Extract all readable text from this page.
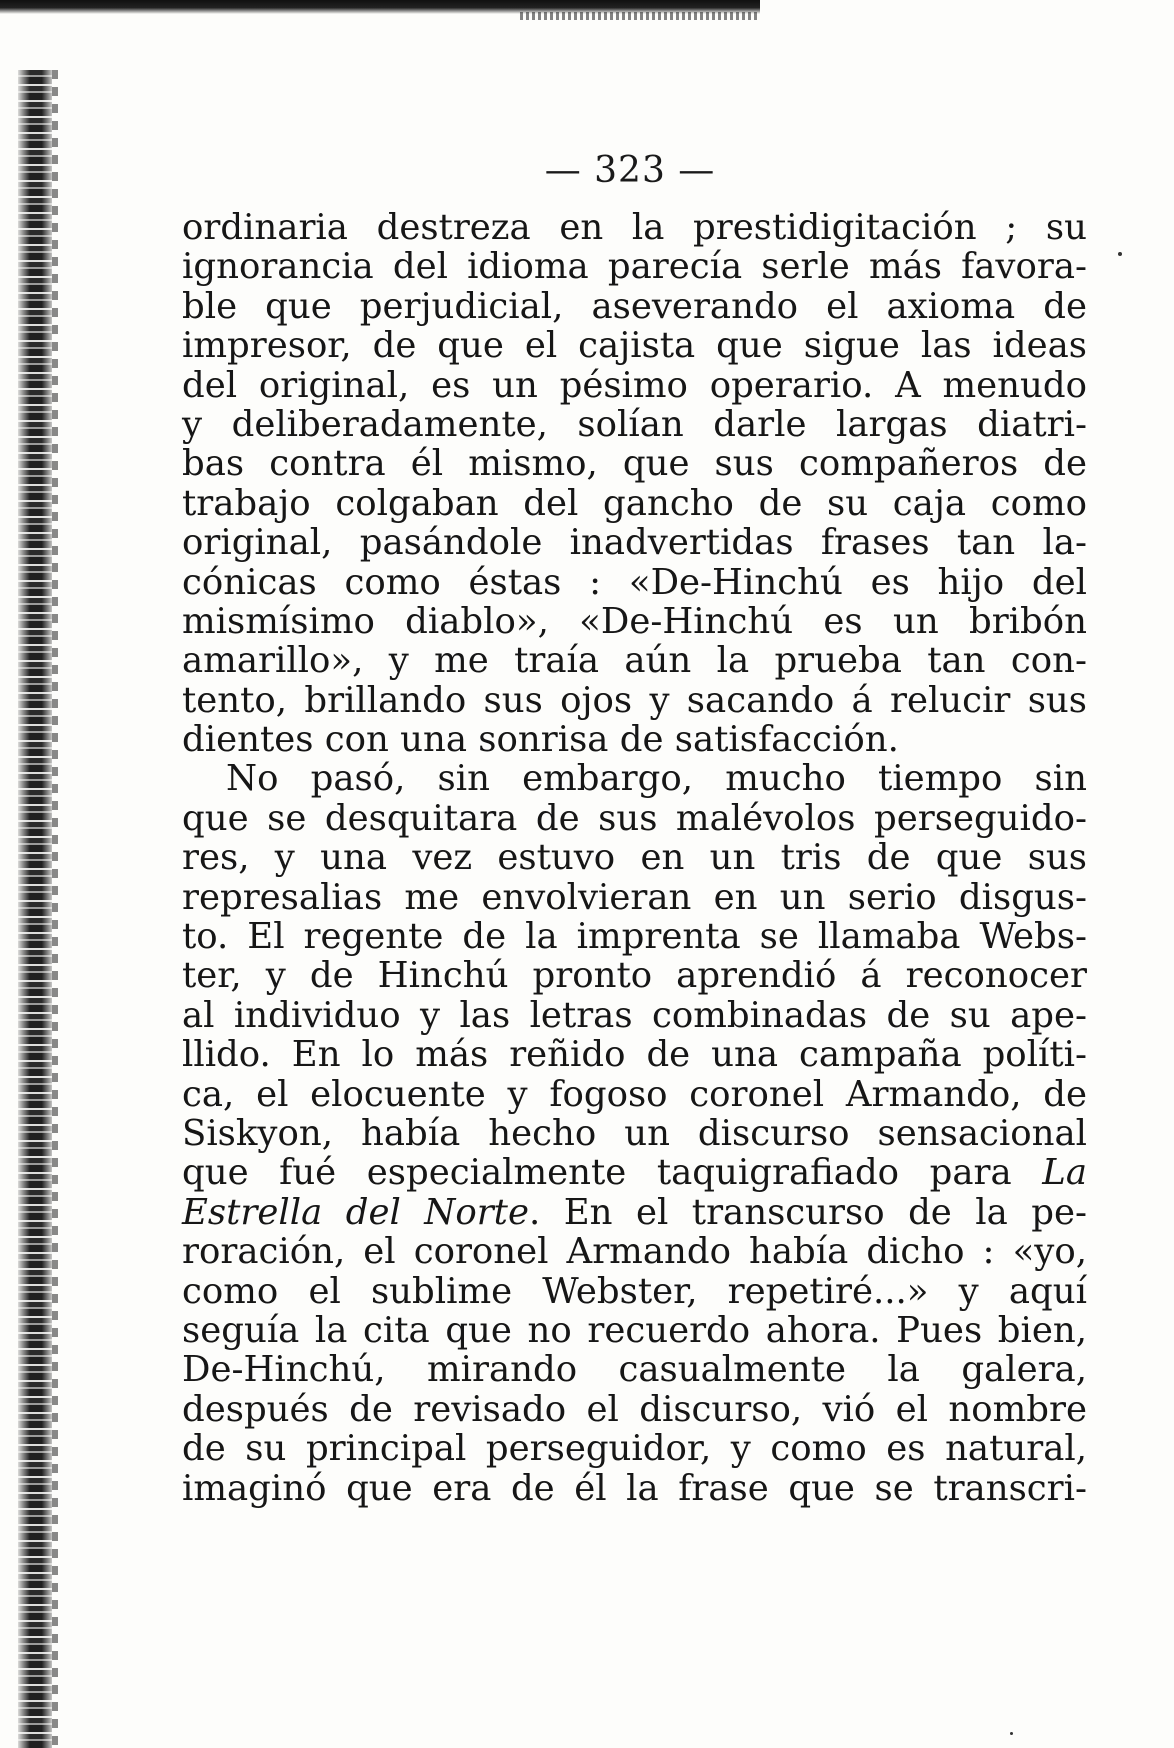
— 323 —
ordinaria destreza en la prestidigitación ; su
ignorancia del idioma parecía serle más favora-
ble que perjudicial, aseverando el axioma de
impresor, de que el cajista que sigue las ideas
del original, es un pésimo operario. A menudo
y deliberadamente, solían darle largas diatri-
bas contra él mismo, que sus compañeros de
trabajo colgaban del gancho de su caja como
original, pasándole inadvertidas frases tan la-
cónicas como éstas : «De-Hinchú es hijo del
mismísimo diablo», «De-Hinchú es un bribón
amarillo», y me traía aún la prueba tan con-
tento, brillando sus ojos y sacando á relucir sus
dientes con una sonrisa de satisfacción.
No pasó, sin embargo, mucho tiempo sin
que se desquitara de sus malévolos perseguido-
res, y una vez estuvo en un tris de que sus
represalias me envolvieran en un serio disgus-
to. El regente de la imprenta se llamaba Webs-
ter, y de Hinchú pronto aprendió á reconocer
al individuo y las letras combinadas de su ape-
llido. En lo más reñido de una campaña políti-
ca, el elocuente y fogoso coronel Armando, de
Siskyon, había hecho un discurso sensacional
que fué especialmente taquigrafiado para La
Estrella del Norte. En el transcurso de la pe-
roración, el coronel Armando había dicho : «yo,
como el sublime Webster, repetiré...» y aquí
seguía la cita que no recuerdo ahora. Pues bien,
De-Hinchú, mirando casualmente la galera,
después de revisado el discurso, vió el nombre
de su principal perseguidor, y como es natural,
imaginó que era de él la frase que se transcri-
